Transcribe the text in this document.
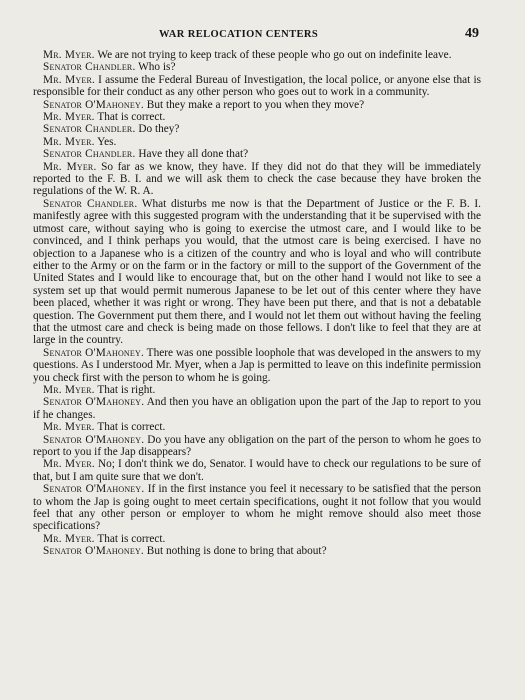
WAR RELOCATION CENTERS	49

Mr. Myer. We are not trying to keep track of these people who go out on indefinite leave.

Senator Chandler. Who is?

Mr. Myer. I assume the Federal Bureau of Investigation, the local police, or anyone else that is responsible for their conduct as any other person who goes out to work in a community.

Senator O'Mahoney. But they make a report to you when they move?

Mr. Myer. That is correct.

Senator Chandler. Do they?

Mr. Myer. Yes.

Senator Chandler. Have they all done that?

Mr. Myer. So far as we know, they have. If they did not do that they will be immediately reported to the F. B. I. and we will ask them to check the case because they have broken the regulations of the W. R. A.

Senator Chandler. What disturbs me now is that the Department of Justice or the F. B. I. manifestly agree with this suggested program with the understanding that it be supervised with the utmost care, without saying who is going to exercise the utmost care, and I would like to be convinced, and I think perhaps you would, that the utmost care is being exercised. I have no objection to a Japanese who is a citizen of the country and who is loyal and who will contribute either to the Army or on the farm or in the factory or mill to the support of the Government of the United States and I would like to encourage that, but on the other hand I would not like to see a system set up that would permit numerous Japanese to be let out of this center where they have been placed, whether it was right or wrong. They have been put there, and that is not a debatable question. The Government put them there, and I would not let them out without having the feeling that the utmost care and check is being made on those fellows. I don't like to feel that they are at large in the country.

Senator O'Mahoney. There was one possible loophole that was developed in the answers to my questions. As I understood Mr. Myer, when a Jap is permitted to leave on this indefinite permission you check first with the person to whom he is going.

Mr. Myer. That is right.

Senator O'Mahoney. And then you have an obligation upon the part of the Jap to report to you if he changes.

Mr. Myer. That is correct.

Senator O'Mahoney. Do you have any obligation on the part of the person to whom he goes to report to you if the Jap disappears?

Mr. Myer. No; I don't think we do, Senator. I would have to check our regulations to be sure of that, but I am quite sure that we don't.

Senator O'Mahoney. If in the first instance you feel it necessary to be satisfied that the person to whom the Jap is going ought to meet certain specifications, ought it not follow that you would feel that any other person or employer to whom he might remove should also meet those specifications?

Mr. Myer. That is correct.

Senator O'Mahoney. But nothing is done to bring that about?
